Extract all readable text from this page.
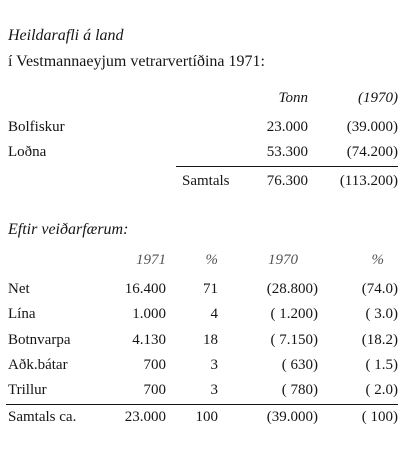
Heildarafli á land
í Vestmannaeyjum vetrarvertíðina 1971:
Tonn	(1970)
Bolfiskur	23.000	(39.000)
Loðna	53.300	(74.200)
Samtals 76.300 (113.200)
Eftir veiðarfærum:
1971	%	1970	%
Net	16.400 71	(28.800)	(74.0)
Lína	1.000	4	( 1.200)	( 3.0)
Botnvarpa	4.130 18	( 7.150)	(18.2)
Aðk.bátar	700	3	( 630)	( 1.5)
Trillur	700	3	( 780)	( 2.0)
Samtals ca.	23.000 100	(39.000)	( 100)
